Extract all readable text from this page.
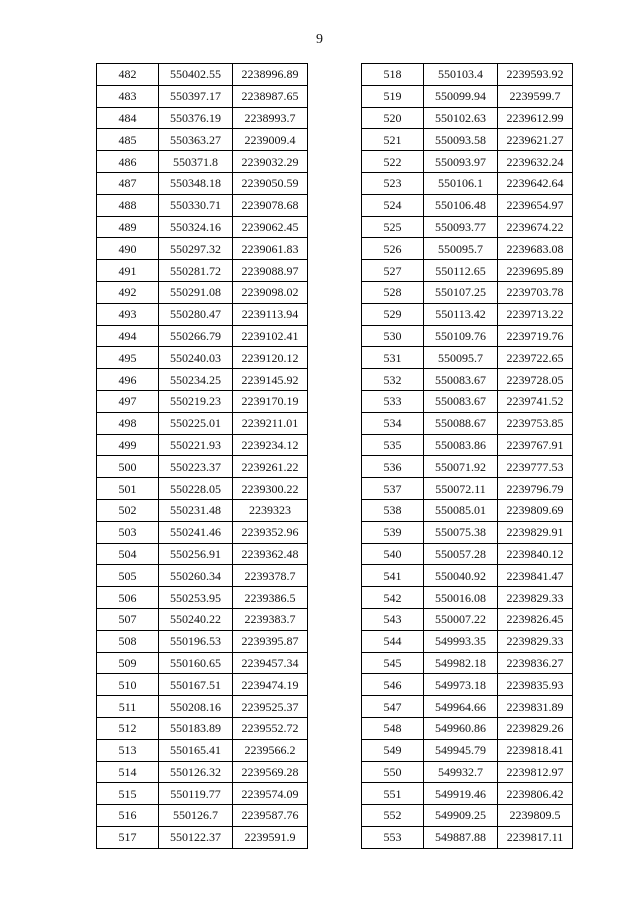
9
482	550402.55	2238996.89
483	550397.17	2238987.65
484	550376.19	2238993.7
485	550363.27	2239009.4
486	550371.8	2239032.29
487	550348.18	2239050.59
488	550330.71	2239078.68
489	550324.16	2239062.45
490	550297.32	2239061.83
491	550281.72	2239088.97
492	550291.08	2239098.02
493	550280.47	2239113.94
494	550266.79	2239102.41
495	550240.03	2239120.12
496	550234.25	2239145.92
497	550219.23	2239170.19
498	550225.01	2239211.01
499	550221.93	2239234.12
500	550223.37	2239261.22
501	550228.05	2239300.22
502	550231.48	2239323
503	550241.46	2239352.96
504	550256.91	2239362.48
505	550260.34	2239378.7
506	550253.95	2239386.5
507	550240.22	2239383.7
508	550196.53	2239395.87
509	550160.65	2239457.34
510	550167.51	2239474.19
511	550208.16	2239525.37
512	550183.89	2239552.72
513	550165.41	2239566.2
514	550126.32	2239569.28
515	550119.77	2239574.09
516	550126.7	2239587.76
517	550122.37	2239591.9
518	550103.4	2239593.92
519	550099.94	2239599.7
520	550102.63	2239612.99
521	550093.58	2239621.27
522	550093.97	2239632.24
523	550106.1	2239642.64
524	550106.48	2239654.97
525	550093.77	2239674.22
526	550095.7	2239683.08
527	550112.65	2239695.89
528	550107.25	2239703.78
529	550113.42	2239713.22
530	550109.76	2239719.76
531	550095.7	2239722.65
532	550083.67	2239728.05
533	550083.67	2239741.52
534	550088.67	2239753.85
535	550083.86	2239767.91
536	550071.92	2239777.53
537	550072.11	2239796.79
538	550085.01	2239809.69
539	550075.38	2239829.91
540	550057.28	2239840.12
541	550040.92	2239841.47
542	550016.08	2239829.33
543	550007.22	2239826.45
544	549993.35	2239829.33
545	549982.18	2239836.27
546	549973.18	2239835.93
547	549964.66	2239831.89
548	549960.86	2239829.26
549	549945.79	2239818.41
550	549932.7	2239812.97
551	549919.46	2239806.42
552	549909.25	2239809.5
553	549887.88	2239817.11
